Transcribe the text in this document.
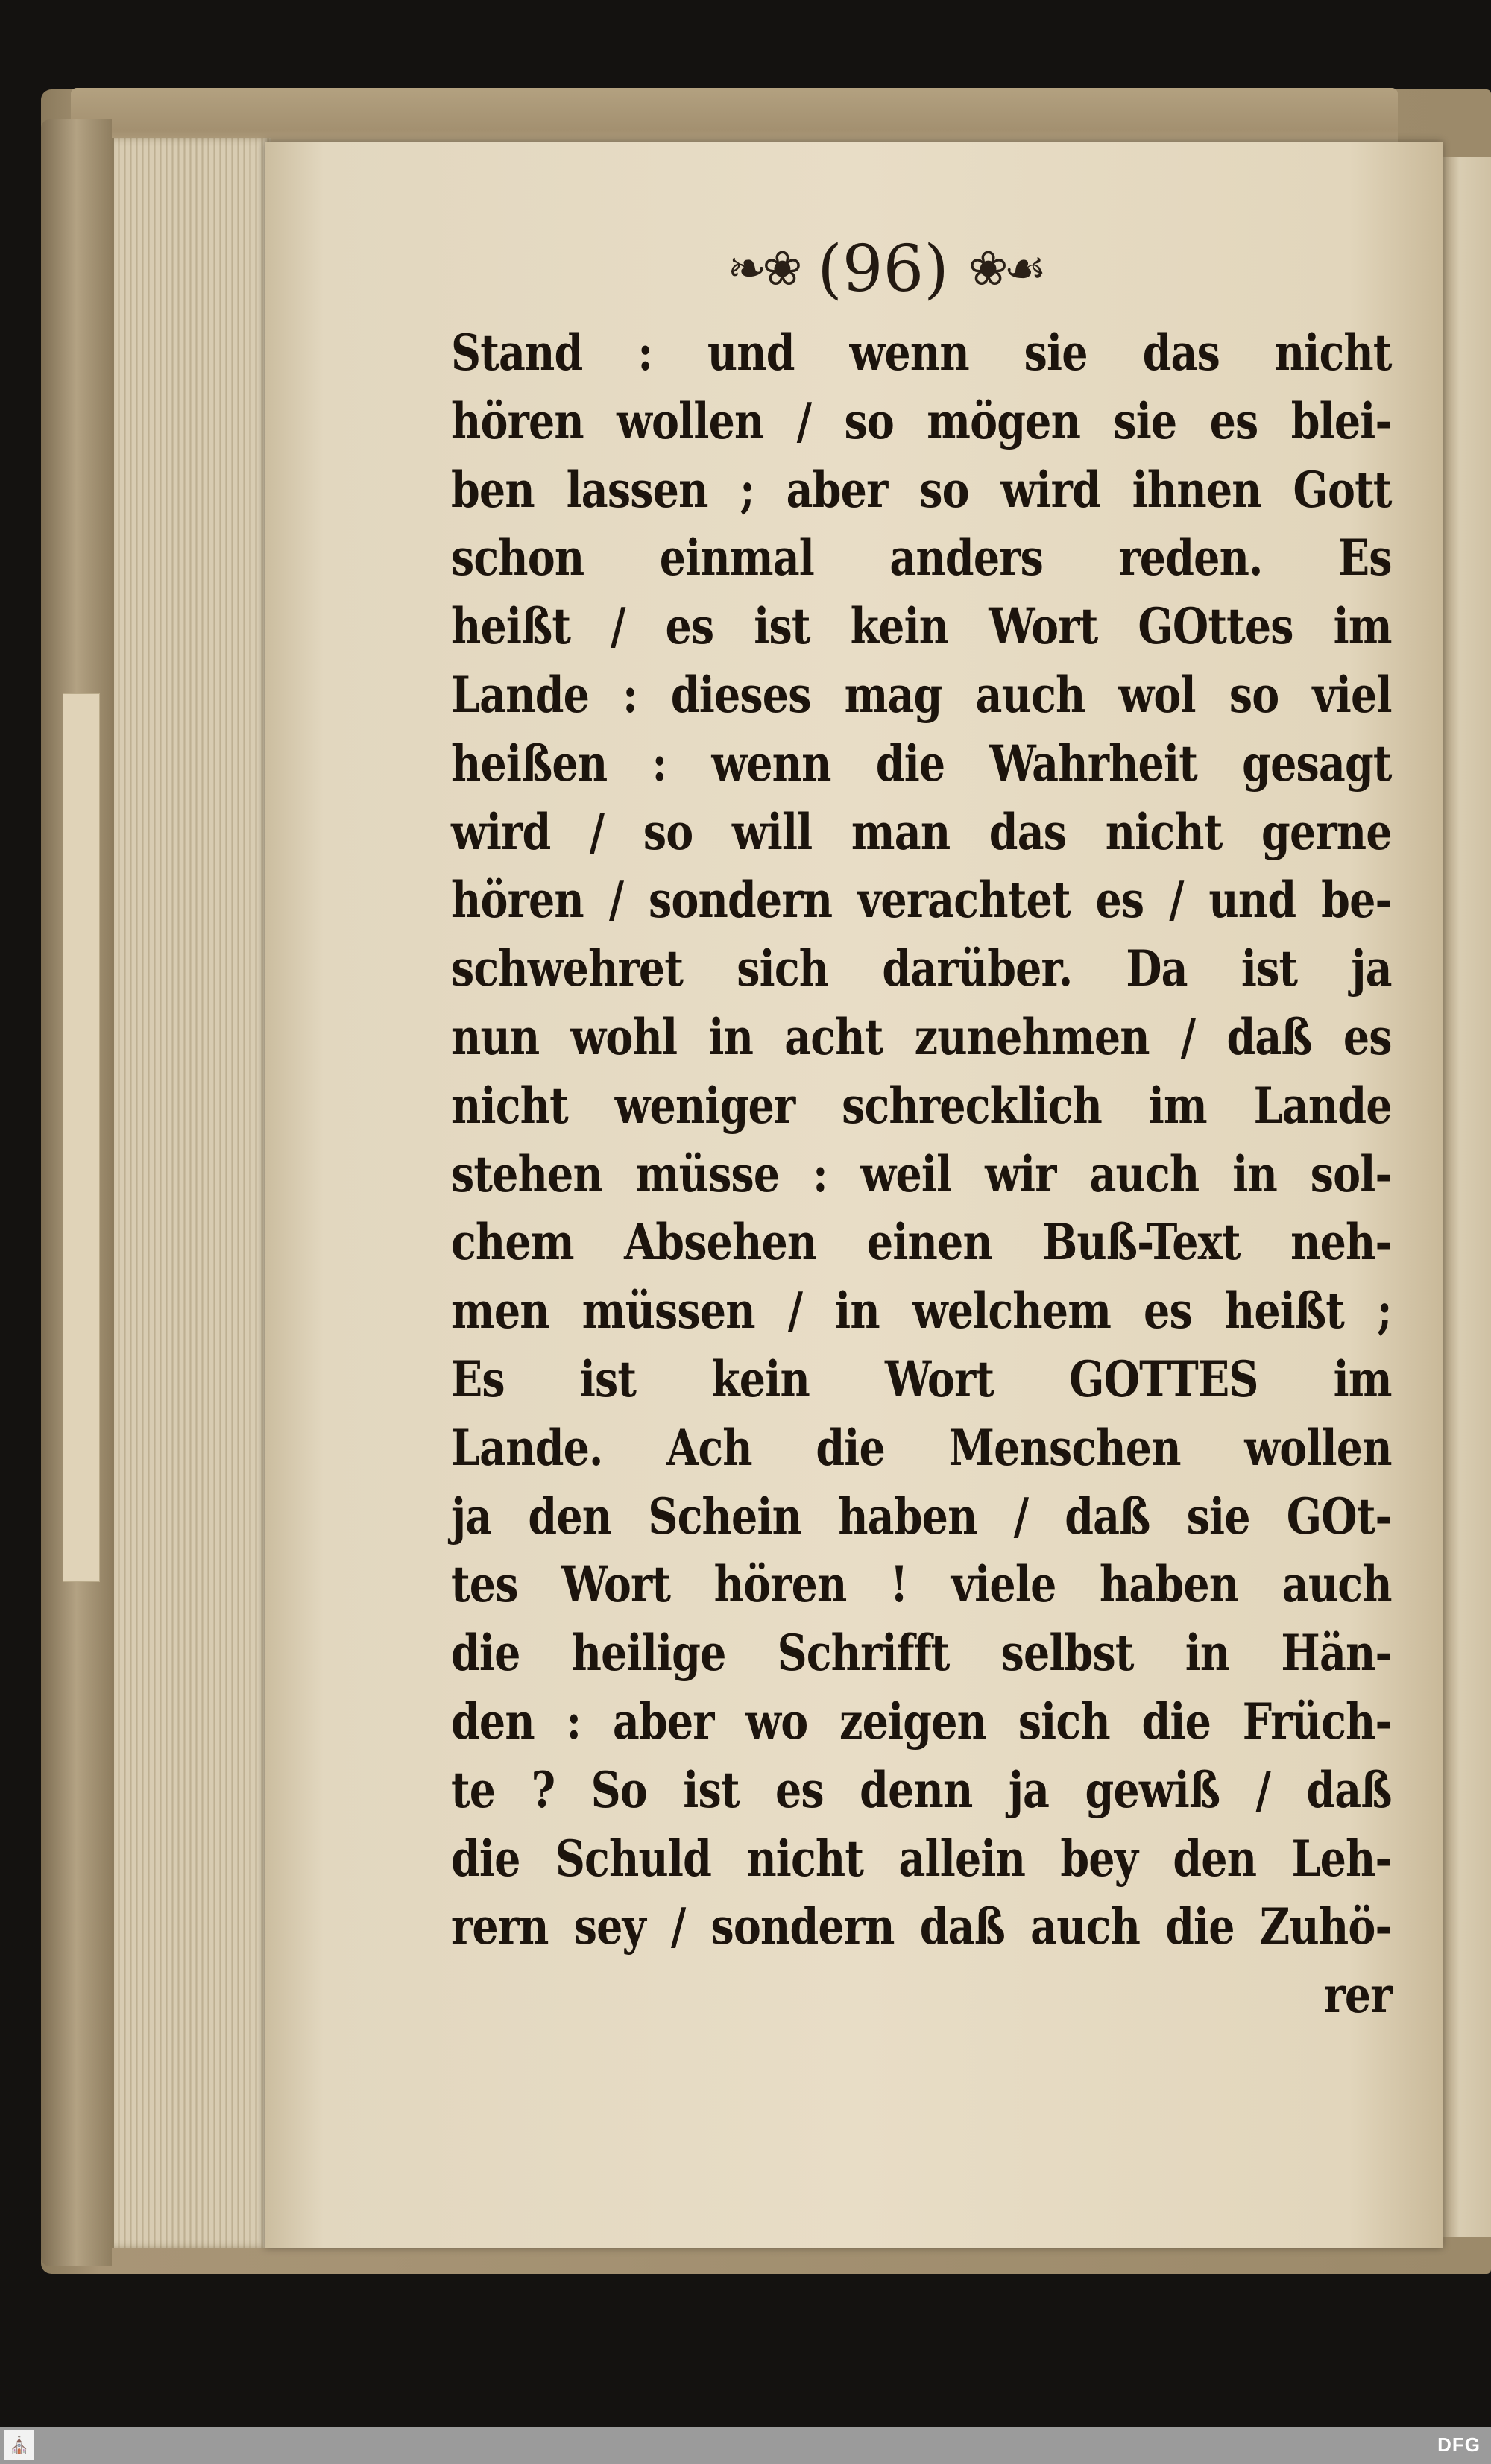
❧❀ (96) ❀☙
Stand : und wenn sie das nicht
hören wollen / so mögen sie es blei-
ben lassen ; aber so wird ihnen Gott
schon einmal anders reden. Es
heißt / es ist kein Wort GOttes im
Lande : dieses mag auch wol so viel
heißen : wenn die Wahrheit gesagt
wird / so will man das nicht gerne
hören / sondern verachtet es / und be-
schwehret sich darüber. Da ist ja
nun wohl in acht zunehmen / daß es
nicht weniger schrecklich im Lande
stehen müsse : weil wir auch in sol-
chem Absehen einen Buß-Text neh-
men müssen / in welchem es heißt ;
Es ist kein Wort GOTTES im
Lande. Ach die Menschen wollen
ja den Schein haben / daß sie GOt-
tes Wort hören ! viele haben auch
die heilige Schrifft selbst in Hän-
den : aber wo zeigen sich die Früch-
te ? So ist es denn ja gewiß / daß
die Schuld nicht allein bey den Leh-
rern sey / sondern daß auch die Zuhö-
rer
⛪	DFG
